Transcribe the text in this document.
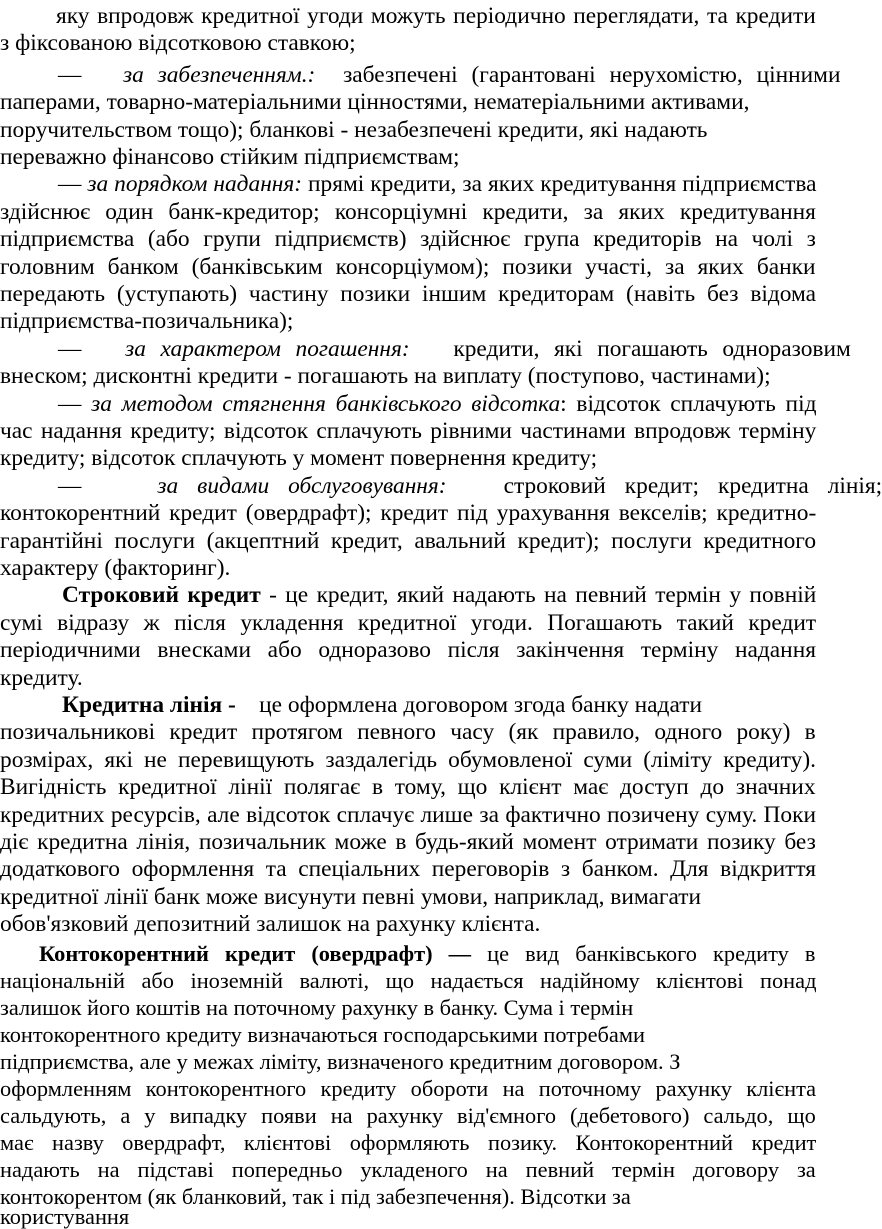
яку впродовж кредитної угоди можуть періодично переглядати, та кредити
з фіксованою відсотковою ставкою;
— за забезпеченням.: забезпечені (гарантовані нерухомістю, цінними
паперами, товарно-матеріальними цінностями, нематеріальними активами,
поручительством тощо); бланкові - незабезпечені кредити, які надають
переважно фінансово стійким підприємствам;
— за порядком надання: прямі кредити, за яких кредитування підприємства
здійснює один банк-кредитор; консорціумні кредити, за яких кредитування
підприємства (або групи підприємств) здійснює група кредиторів на чолі з
головним банком (банківським консорціумом); позики участі, за яких банки
передають (уступають) частину позики іншим кредиторам (навіть без відома
підприємства-позичальника);
— за характером погашення: кредити, які погашають одноразовим
внеском; дисконтні кредити - погашають на виплату (поступово, частинами);
— за методом стягнення банківського відсотка: відсоток сплачують під
час надання кредиту; відсоток сплачують рівними частинами впродовж терміну
кредиту; відсоток сплачують у момент повернення кредиту;
—	за видами обслуговування: строковий кредит; кредитна лінія;
контокорентний кредит (овердрафт); кредит під урахування векселів; кредитно-
гарантійні послуги (акцептний кредит, авальний кредит); послуги кредитного
характеру (факторинг).
Строковий кредит - це кредит, який надають на певний термін у повній
сумі відразу ж після укладення кредитної угоди. Погашають такий кредит
періодичними внесками або одноразово після закінчення терміну надання
кредиту.
Кредитна лінія - це оформлена договором згода банку надати
позичальникові кредит протягом певного часу (як правило, одного року) в
розмірах, які не перевищують заздалегідь обумовленої суми (ліміту кредиту).
Вигідність кредитної лінії полягає в тому, що клієнт має доступ до значних
кредитних ресурсів, але відсоток сплачує лише за фактично позичену суму. Поки
діє кредитна лінія, позичальник може в будь-який момент отримати позику без
додаткового оформлення та спеціальних переговорів з банком. Для відкриття
кредитної лінії банк може висунути певні умови, наприклад, вимагати
обов'язковий депозитний залишок на рахунку клієнта.
Контокорентний кредит (овердрафт) — це вид банківського кредиту в
національній або іноземній валюті, що надається надійному клієнтові понад
залишок його коштів на поточному рахунку в банку. Сума і термін
контокорентного кредиту визначаються господарськими потребами
підприємства, але у межах ліміту, визначеного кредитним договором. З
оформленням контокорентного кредиту обороти на поточному рахунку клієнта
сальдують, а у випадку появи на рахунку від'ємного (дебетового) сальдо, що
має назву овердрафт, клієнтові оформляють позику. Контокорентний кредит
надають на підставі попередньо укладеного на певний термін договору за
контокорентом (як бланковий, так і під забезпечення). Відсотки за
користування
